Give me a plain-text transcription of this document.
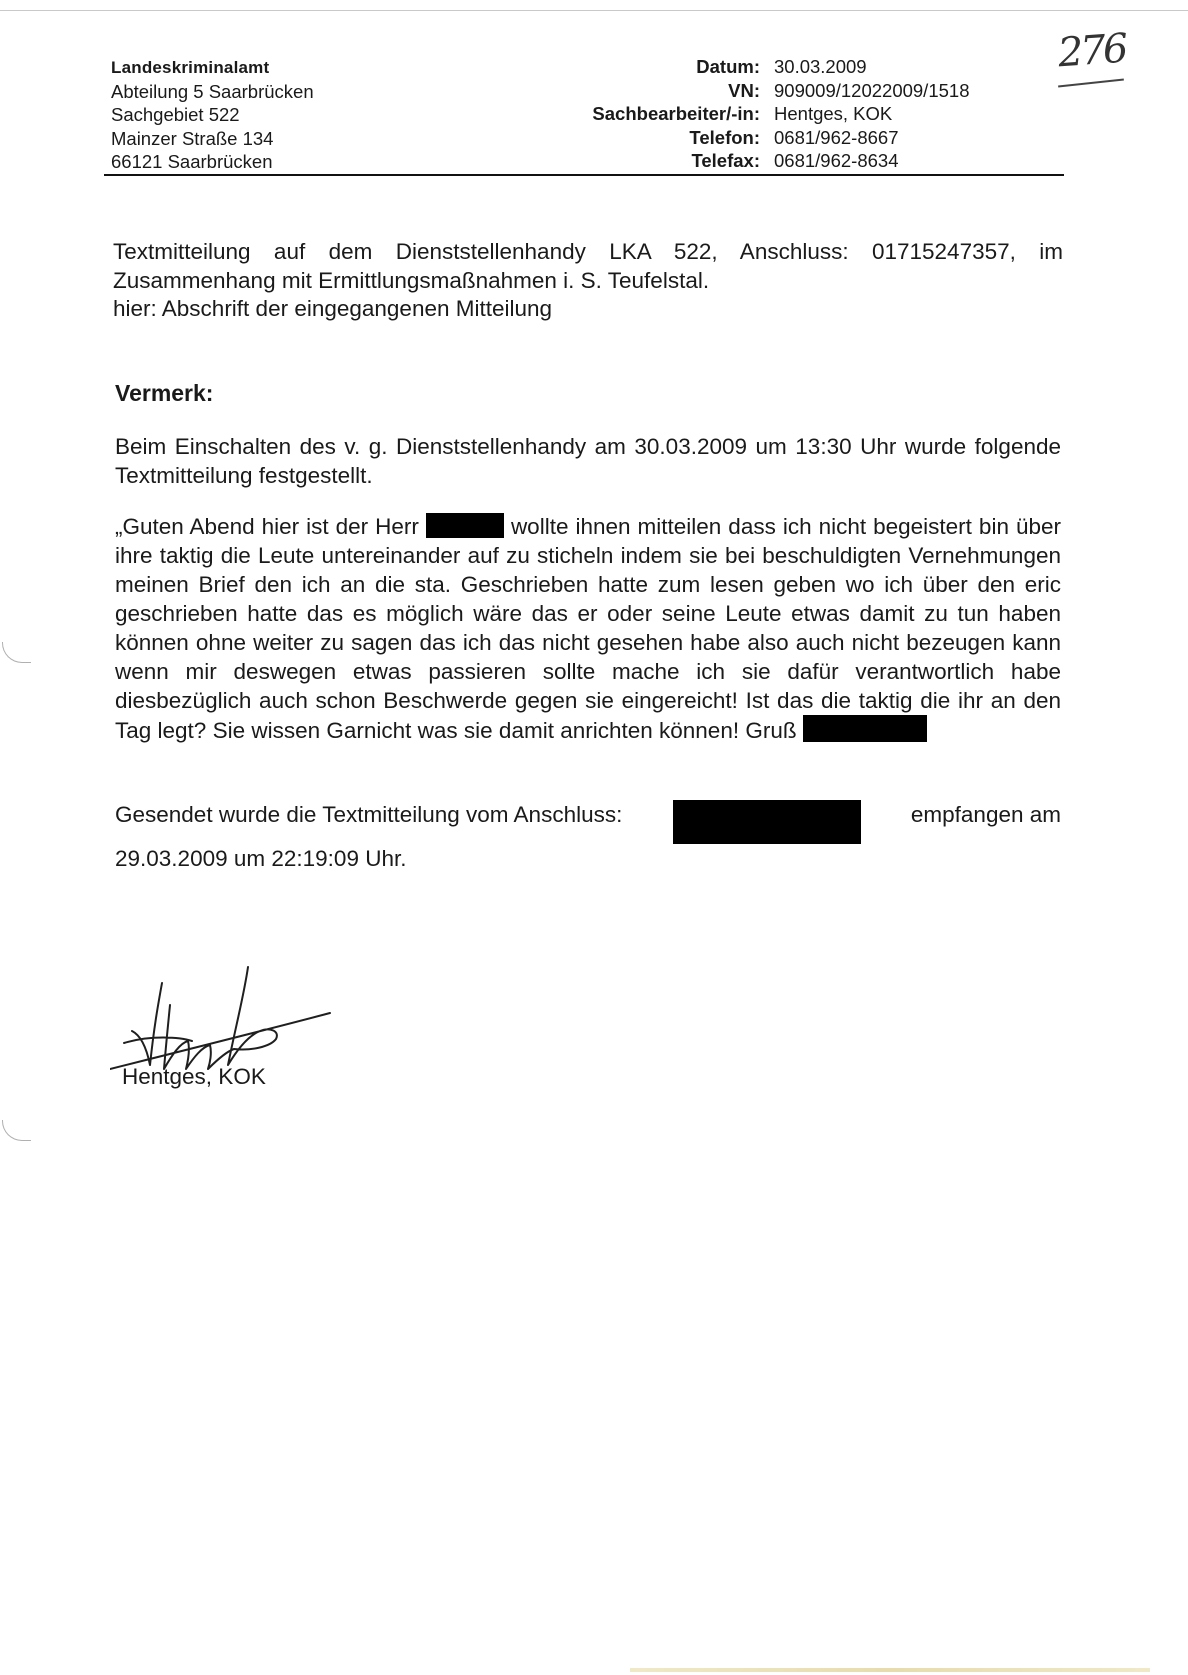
276
Landeskriminalamt
Abteilung 5 Saarbrücken
Sachgebiet 522
Mainzer Straße 134
66121 Saarbrücken
Datum: 30.03.2009
VN: 909009/12022009/1518
Sachbearbeiter/-in: Hentges, KOK
Telefon: 0681/962-8667
Telefax: 0681/962-8634

Textmitteilung auf dem Dienststellenhandy LKA 522, Anschluss: 01715247357, im Zusammenhang mit Ermittlungsmaßnahmen i. S. Teufelstal.

hier: Abschrift der eingegangenen Mitteilung

Vermerk:

Beim Einschalten des v. g. Dienststellenhandy am 30.03.2009 um 13:30 Uhr wurde folgende Textmitteilung festgestellt.

„Guten Abend hier ist der Herr	wollte ihnen mitteilen dass ich nicht begeistert bin über ihre taktig die Leute untereinander auf zu sticheln indem sie bei beschuldigten Vernehmungen meinen Brief den ich an die sta. Geschrieben hatte zum lesen geben wo ich über den eric geschrieben hatte das es möglich wäre das er oder seine Leute etwas damit zu tun haben können ohne weiter zu sagen das ich das nicht gesehen habe also auch nicht bezeugen kann wenn mir deswegen etwas passieren sollte mache ich sie dafür verantwortlich habe diesbezüglich auch schon Beschwerde gegen sie eingereicht! Ist das die taktig die ihr an den Tag legt? Sie wissen Garnicht was sie damit anrichten können! Gruß

Gesendet wurde die Textmitteilung vom Anschluss:	empfangen am
29.03.2009 um 22:19:09 Uhr.
Hentges, KOK
